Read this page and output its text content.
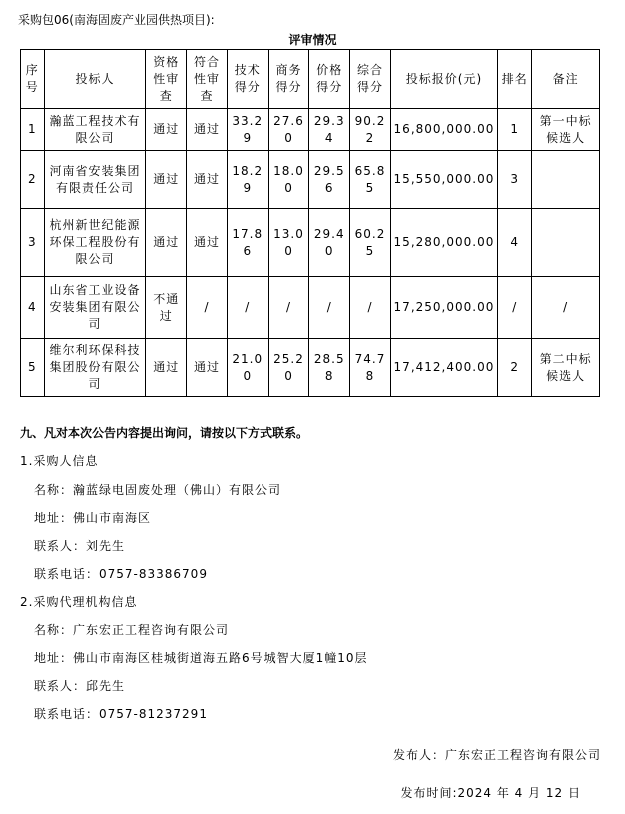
采购包06(南海固废产业园供热项目):
评审情况
序号	投标人	资格性审查	符合性审查	技术得分	商务得分	价格得分	综合得分	投标报价(元)	排名	备注
1	瀚蓝工程技术有限公司	通过	通过	33.29	27.60	29.34	90.22	16,800,000.00	1	第一中标候选人
2	河南省安装集团有限责任公司	通过	通过	18.29	18.00	29.56	65.85	15,550,000.00	3	
3	杭州新世纪能源环保工程股份有限公司	通过	通过	17.86	13.00	29.40	60.25	15,280,000.00	4	
4	山东省工业设备安装集团有限公司	不通过	/	/	/	/	/	17,250,000.00	/	/
5	维尔利环保科技集团股份有限公司	通过	通过	21.00	25.20	28.58	74.78	17,412,400.00	2	第二中标候选人
九、凡对本次公告内容提出询问，请按以下方式联系。
1.采购人信息
名称：瀚蓝绿电固废处理（佛山）有限公司
地址：佛山市南海区
联系人：刘先生
联系电话：0757-83386709
2.采购代理机构信息
名称：广东宏正工程咨询有限公司
地址：佛山市南海区桂城街道海五路6号城智大厦1幢10层
联系人：邱先生
联系电话：0757-81237291
发布人：广东宏正工程咨询有限公司
发布时间:2024 年 4 月 12 日
